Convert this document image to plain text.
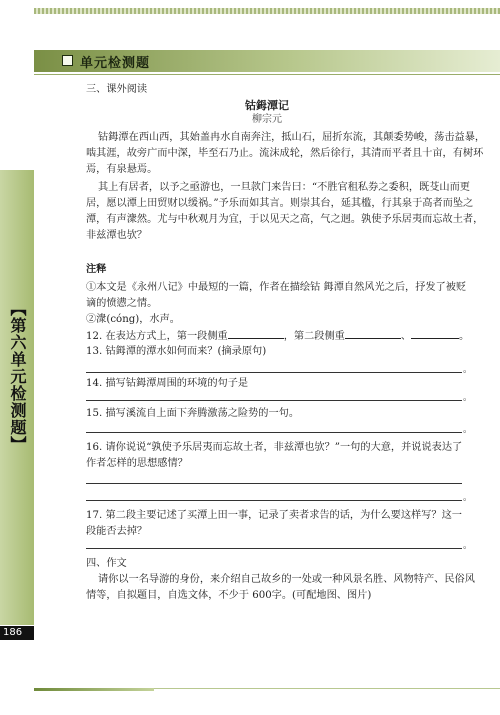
单元检测题
【第六单元检测题】
186
三、课外阅读
钴鉧潭记
柳宗元
钴鉧潭在西山西，其始盖冉水自南奔注，抵山石，屈折东流，其颠委势峻，荡击益暴，
啮其涯，故旁广而中深，毕至石乃止。流沫成轮，然后徐行，其清而平者且十亩，有树环
焉，有泉悬焉。
其上有居者，以予之亟游也，一旦款门来告曰：“不胜官租私券之委积，既芟山而更
居，愿以潭上田贸财以缓祸。”予乐而如其言。则崇其台，延其槛，行其泉于高者而坠之
潭，有声潨然。尤与中秋观月为宜，于以见天之高，气之迥。孰使予乐居夷而忘故土者，
非兹潭也欤？
注释
①本文是《永州八记》中最短的一篇，作者在描绘钴 鉧潭自然风光之后，抒发了被贬
谪的愤懑之情。
②潨(cóng)，水声。
12. 在表达方式上，第一段侧重	，第二段侧重	、	。
13. 钴鉧潭的潭水如何而来？(摘录原句)
。
14. 描写钴鉧潭周围的环境的句子是
。
15. 描写溪流自上面下奔腾激荡之险势的一句。
。
16. 请你说说“孰使予乐居夷而忘故土者，非兹潭也欤？”一句的大意，并说说表达了
作者怎样的思想感情？
。
17. 第二段主要记述了买潭上田一事，记录了卖者求告的话，为什么要这样写？这一
段能否去掉？
。
四、作文
请你以一名导游的身份，来介绍自己故乡的一处或一种风景名胜、风物特产、民俗风
情等，自拟题目，自选文体，不少于 600字。(可配地图、图片)
